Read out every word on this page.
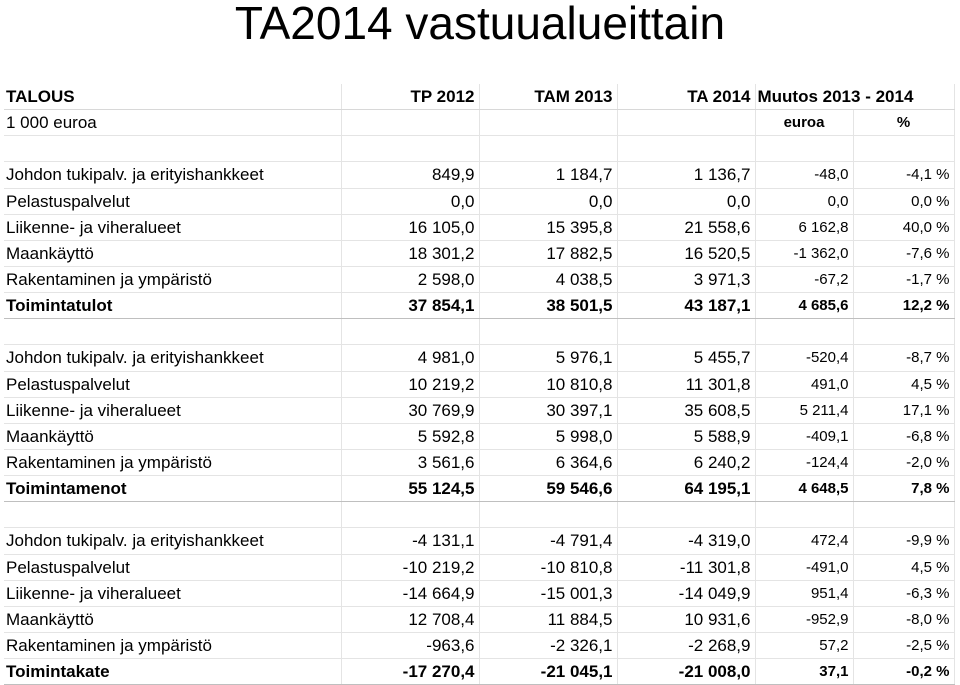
TA2014 vastuualueittain
TALOUS	TP 2012	TAM 2013	TA 2014	Muutos 2013 - 2014	
1 000 euroa				euroa	%

Johdon tukipalv. ja erityishankkeet	849,9	1 184,7	1 136,7	-48,0	-4,1 %
Pelastuspalvelut	0,0	0,0	0,0	0,0	0,0 %
Liikenne- ja viheralueet	16 105,0	15 395,8	21 558,6	6 162,8	40,0 %
Maankäyttö	18 301,2	17 882,5	16 520,5	-1 362,0	-7,6 %
Rakentaminen ja ympäristö	2 598,0	4 038,5	3 971,3	-67,2	-1,7 %
Toimintatulot	37 854,1	38 501,5	43 187,1	4 685,6	12,2 %

Johdon tukipalv. ja erityishankkeet	4 981,0	5 976,1	5 455,7	-520,4	-8,7 %
Pelastuspalvelut	10 219,2	10 810,8	11 301,8	491,0	4,5 %
Liikenne- ja viheralueet	30 769,9	30 397,1	35 608,5	5 211,4	17,1 %
Maankäyttö	5 592,8	5 998,0	5 588,9	-409,1	-6,8 %
Rakentaminen ja ympäristö	3 561,6	6 364,6	6 240,2	-124,4	-2,0 %
Toimintamenot	55 124,5	59 546,6	64 195,1	4 648,5	7,8 %

Johdon tukipalv. ja erityishankkeet	-4 131,1	-4 791,4	-4 319,0	472,4	-9,9 %
Pelastuspalvelut	-10 219,2	-10 810,8	-11 301,8	-491,0	4,5 %
Liikenne- ja viheralueet	-14 664,9	-15 001,3	-14 049,9	951,4	-6,3 %
Maankäyttö	12 708,4	11 884,5	10 931,6	-952,9	-8,0 %
Rakentaminen ja ympäristö	-963,6	-2 326,1	-2 268,9	57,2	-2,5 %
Toimintakate	-17 270,4	-21 045,1	-21 008,0	37,1	-0,2 %
